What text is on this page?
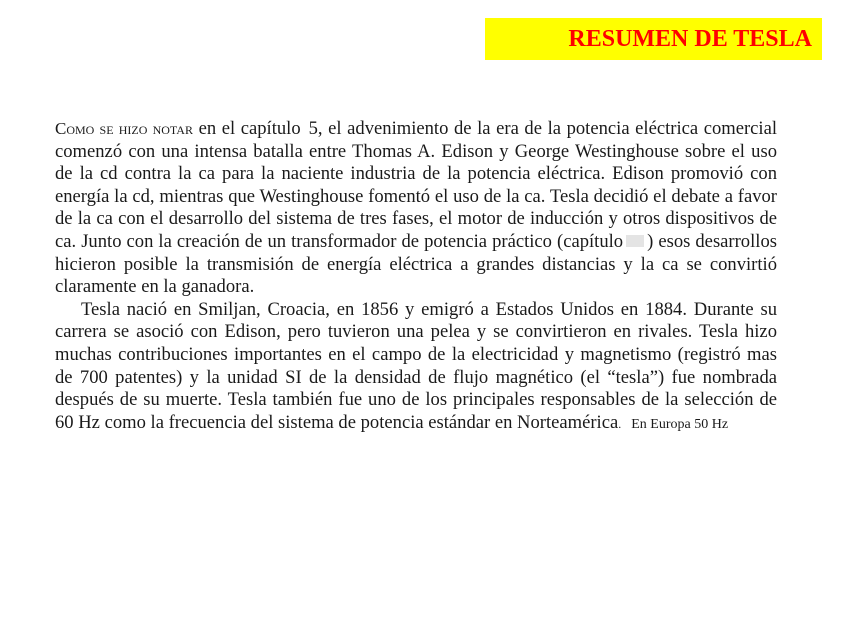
RESUMEN DE TESLA

Como se hizo notar en el capítulo 5, el advenimiento de la era de la potencia eléctrica comercial comenzó con una intensa batalla entre Thomas A. Edison y George Westinghouse sobre el uso de la cd contra la ca para la naciente industria de la potencia eléctrica. Edison promovió con energía la cd, mientras que Westinghouse fomentó el uso de la ca. Tesla decidió el debate a favor de la ca con el desarrollo del sistema de tres fases, el motor de inducción y otros dispositivos de ca. Junto con la creación de un transformador de potencia práctico (capítulo ) esos desarrollos hicieron posible la transmisión de energía eléctrica a grandes distancias y la ca se convirtió claramente en la ganadora.

Tesla nació en Smiljan, Croacia, en 1856 y emigró a Estados Unidos en 1884. Durante su carrera se asoció con Edison, pero tuvieron una pelea y se convirtieron en rivales. Tesla hizo muchas contribuciones importantes en el campo de la electricidad y magnetismo (registró mas de 700 patentes) y la unidad SI de la densidad de flujo magnético (el “tesla”) fue nombrada después de su muerte. Tesla también fue uno de los principales responsables de la selección de 60 Hz como la frecuencia del sistema de potencia estándar en Norteamérica. En Europa 50 Hz
